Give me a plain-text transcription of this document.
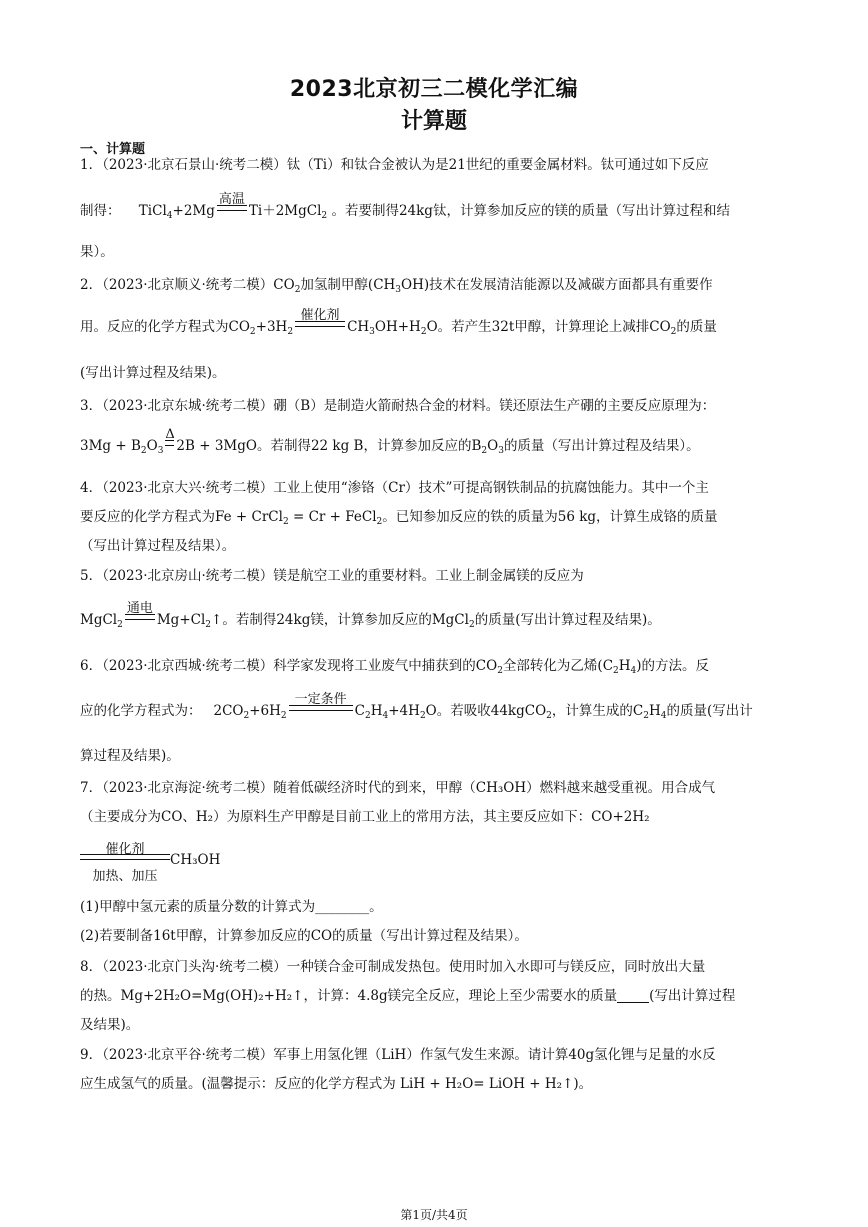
2023北京初三二模化学汇编
计算题
一、计算题
1．（2023·北京石景山·统考二模）钛（Ti）和钛合金被认为是21世纪的重要金属材料。钛可通过如下反应
制得： TiCl$_4$+2Mg
高温
Ti＋2MgCl$_2$ 。若要制得24kg钛，计算参加反应的镁的质量（写出计算过程和结
果）。
2．（2023·北京顺义·统考二模）$CO_2$加氢制甲醇$(CH_3OH)$技术在发展清洁能源以及减碳方面都具有重要作
用。反应的化学方程式为$CO_2+3H_2$
催化剂
$CH_3OH+H_2O$。若产生32t甲醇，计算理论上减排$CO_2$的质量
(写出计算过程及结果)。
3．（2023·北京东城·统考二模）硼（B）是制造火箭耐热合金的材料。镁还原法生产硼的主要反应原理为：
$3Mg + B_2O_3$
Δ
2B + 3MgO。若制得22 kg B，计算参加反应的$B_2O_3$的质量（写出计算过程及结果）。
4．（2023·北京大兴·统考二模）工业上使用“渗铬（Cr）技术”可提高钢铁制品的抗腐蚀能力。其中一个主
要反应的化学方程式为Fe + CrCl$_2$ = Cr + FeCl$_2$。已知参加反应的铁的质量为56 kg，计算生成铬的质量
（写出计算过程及结果）。
5．（2023·北京房山·统考二模）镁是航空工业的重要材料。工业上制金属镁的反应为
MgCl$_2$
通电
$Mg+Cl_2↑$。若制得24kg镁，计算参加反应的MgCl$_2$的质量(写出计算过程及结果)。
6．（2023·北京西城·统考二模）科学家发现将工业废气中捕获到的$CO_2$全部转化为乙烯$(C_2H_4)$的方法。反
应的化学方程式为： $2CO_2+6H_2$
一定条件
$C_2H_4+4H_2O$。若吸收44kgCO$_2$，计算生成的$C_2H_4$的质量(写出计
算过程及结果)。
7．（2023·北京海淀·统考二模）随着低碳经济时代的到来，甲醇（CH₃OH）燃料越来越受重视。用合成气
（主要成分为CO、H₂）为原料生产甲醇是目前工业上的常用方法，其主要反应如下：CO+2H₂
催化剂
加热、加压
CH₃OH
(1)甲醇中氢元素的质量分数的计算式为________。
(2)若要制备16t甲醇，计算参加反应的CO的质量（写出计算过程及结果）。
8．（2023·北京门头沟·统考二模）一种镁合金可制成发热包。使用时加入水即可与镁反应，同时放出大量
的热。Mg+2H₂O=Mg(OH)₂+H₂↑，计算：4.8g镁完全反应，理论上至少需要水的质量 (写出计算过程
及结果)。
9．（2023·北京平谷·统考二模）军事上用氢化锂（LiH）作氢气发生来源。请计算40g氢化锂与足量的水反
应生成氢气的质量。(温馨提示：反应的化学方程式为 LiH + H₂O= LiOH + H₂↑)。
第1页/共4页
